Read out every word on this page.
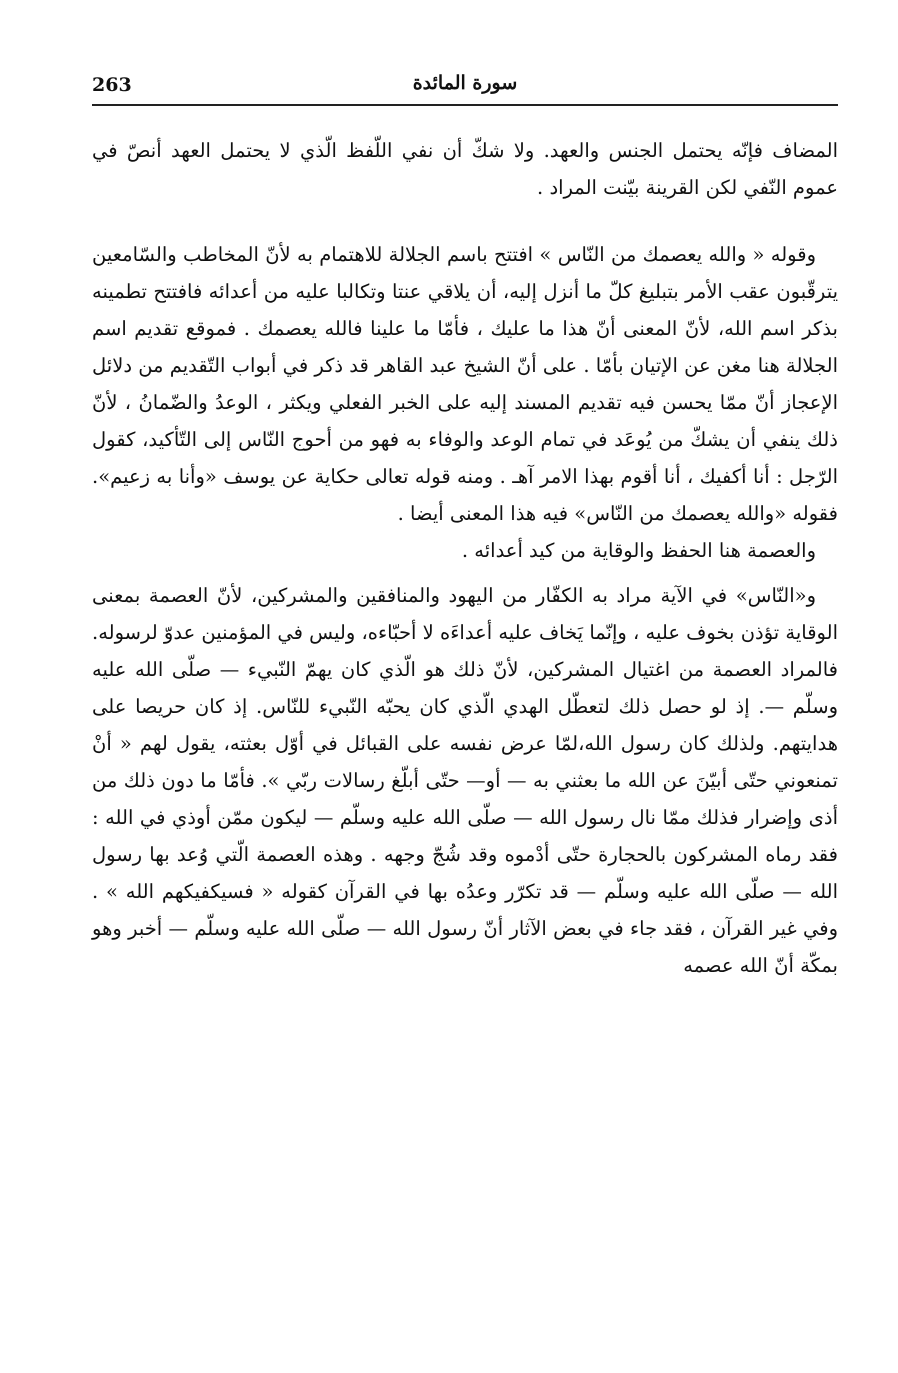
263	سورة المائدة

المضاف فإنّه يحتمل الجنس والعهد. ولا شكّ أن نفي اللّفظ الّذي لا يحتمل العهد أنصّ في عموم النّفي لكن القرينة بيّنت المراد .

وقوله « والله يعصمك من النّاس » افتتح باسم الجلالة للاهتمام به لأنّ المخاطب والسّامعين يترقّبون عقب الأمر بتبليغ كلّ ما أنزل إليه، أن يلاقي عنتا وتكالبا عليه من أعدائه فافتتح تطمينه بذكر اسم الله، لأنّ المعنى أنّ هذا ما عليك ، فأمّا ما علينا فالله يعصمك . فموقع تقديم اسم الجلالة هنا مغن عن الإتيان بأمّا . على أنّ الشيخ عبد القاهر قد ذكر في أبواب التّقديم من دلائل الإعجاز أنّ ممّا يحسن فيه تقديم المسند إليه على الخبر الفعلي ويكثر ، الوعدُ والضّمانُ ، لأنّ ذلك ينفي أن يشكّ من يُوعَد في تمام الوعد والوفاء به فهو من أحوج النّاس إلى التّأكيد، كقول الرّجل : أنا أكفيك ، أنا أقوم بهذا الامر آهـ . ومنه قوله تعالى حكاية عن يوسف «وأنا به زعيم». فقوله «والله يعصمك من النّاس» فيه هذا المعنى أيضا .

والعصمة هنا الحفظ والوقاية من كيد أعدائه .

و«النّاس» في الآية مراد به الكفّار من اليهود والمنافقين والمشركين، لأنّ العصمة بمعنى الوقاية تؤذن بخوف عليه ، وإنّما يَخاف عليه أعداءَه لا أحبّاءه، وليس في المؤمنين عدوّ لرسوله. فالمراد العصمة من اغتيال المشركين، لأنّ ذلك هو الّذي كان يهمّ النّبيء — صلّى الله عليه وسلّم —. إذ لو حصل ذلك لتعطّل الهدي الّذي كان يحبّه النّبيء للنّاس. إذ كان حريصا على هدايتهم. ولذلك كان رسول الله،لمّا عرض نفسه على القبائل في أوّل بعثته، يقول لهم « أنْ تمنعوني حتّى أبيّنَ عن الله ما بعثني به — أو— حتّى أبلّغ رسالات ربّي ». فأمّا ما دون ذلك من أذى وإضرار فذلك ممّا نال رسول الله — صلّى الله عليه وسلّم — ليكون ممّن أوذي في الله : فقد رماه المشركون بالحجارة حتّى أدْموه وقد شُجّ وجهه . وهذه العصمة الّتي وُعد بها رسول الله — صلّى الله عليه وسلّم — قد تكرّر وعدُه بها في القرآن كقوله « فسيكفيكهم الله » . وفي غير القرآن ، فقد جاء في بعض الآثار أنّ رسول الله — صلّى الله عليه وسلّم — أخبر وهو بمكّة أنّ الله عصمه
